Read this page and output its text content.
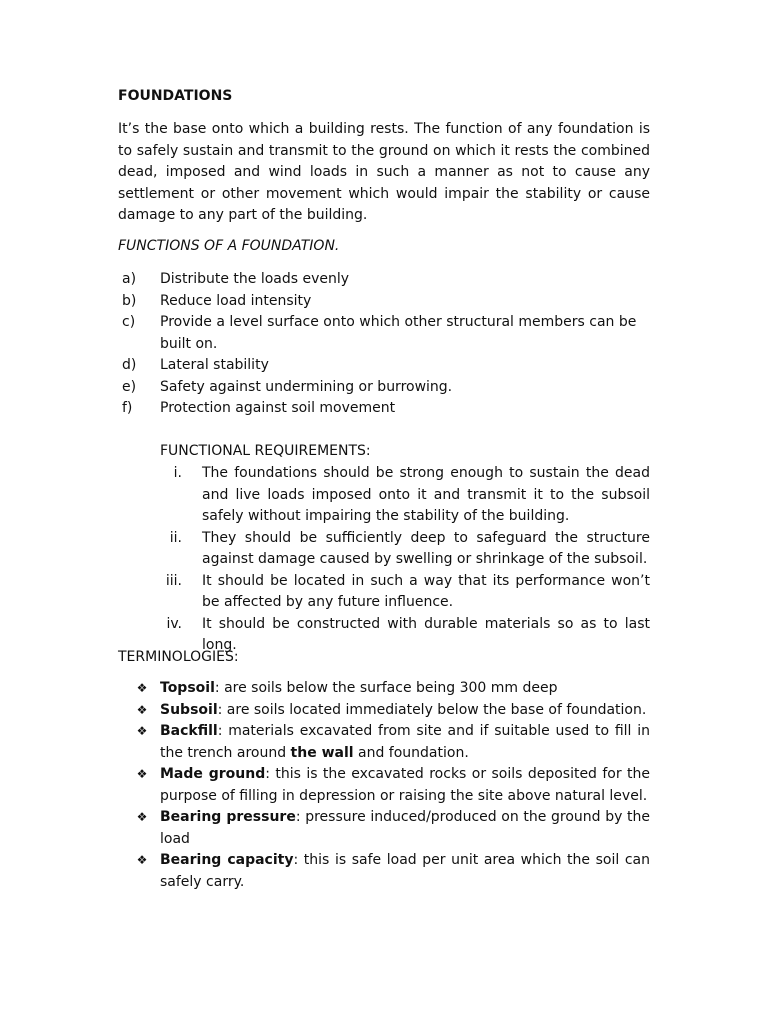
FOUNDATIONS

It’s the base onto which a building rests. The function of any foundation is to safely sustain and transmit to the ground on which it rests the combined dead, imposed and wind loads in such a manner as not to cause any settlement or other movement which would impair the stability or cause damage to any part of the building.

FUNCTIONS OF A FOUNDATION.

a) Distribute the loads evenly
b) Reduce load intensity
c) Provide a level surface onto which other structural members can be built on.
d) Lateral stability
e) Safety against undermining or burrowing.
f) Protection against soil movement

FUNCTIONAL REQUIREMENTS:

i. The foundations should be strong enough to sustain the dead and live loads imposed onto it and transmit it to the subsoil safely without impairing the stability of the building.
ii. They should be sufficiently deep to safeguard the structure against damage caused by swelling or shrinkage of the subsoil.
iii. It should be located in such a way that its performance won’t be affected by any future influence.
iv. It should be constructed with durable materials so as to last long.

TERMINOLOGIES:

❖ Topsoil: are soils below the surface being 300 mm deep
❖ Subsoil: are soils located immediately below the base of foundation.
❖ Backfill: materials excavated from site and if suitable used to fill in the trench around the wall and foundation.
❖ Made ground: this is the excavated rocks or soils deposited for the purpose of filling in depression or raising the site above natural level.
❖ Bearing pressure: pressure induced/produced on the ground by the load
❖ Bearing capacity: this is safe load per unit area which the soil can safely carry.
